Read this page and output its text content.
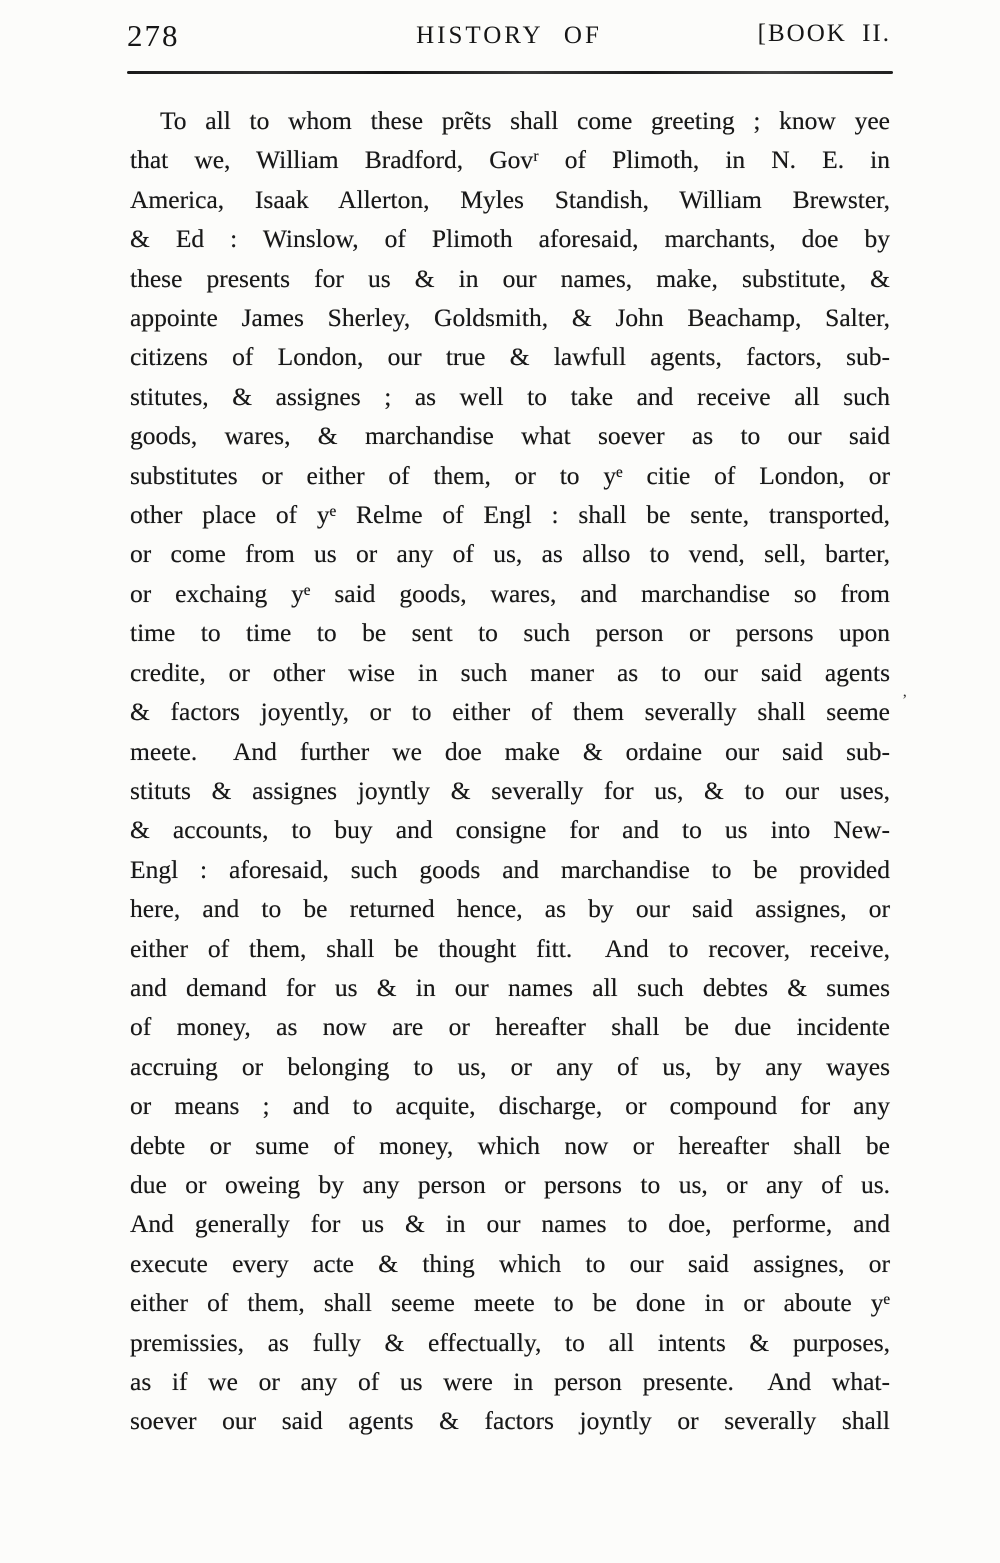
278	HISTORY OF	[BOOK II.
To all to whom these prẽts shall come greeting ; know yee
that we, William Bradford, Govʳ of Plimoth, in N. E. in
America, Isaak Allerton, Myles Standish, William Brewster,
& Ed : Winslow, of Plimoth aforesaid, marchants, doe by
these presents for us & in our names, make, substitute, &
appointe James Sherley, Goldsmith, & John Beachamp, Salter,
citizens of London, our true & lawfull agents, factors, sub-
stitutes, & assignes ; as well to take and receive all such
goods, wares, & marchandise what soever as to our said
substitutes or either of them, or to yᵉ citie of London, or
other place of yᵉ Relme of Engl : shall be sente, transported,
or come from us or any of us, as allso to vend, sell, barter,
or exchaing yᵉ said goods, wares, and marchandise so from
time to time to be sent to such person or persons upon
credite, or other wise in such maner as to our said agents
& factors joyently, or to either of them severally shall seeme
meete.  And further we doe make & ordaine our said sub-
stituts & assignes joyntly & severally for us, & to our uses,
& accounts, to buy and consigne for and to us into New-
Engl : aforesaid, such goods and marchandise to be provided
here, and to be returned hence, as by our said assignes, or
either of them, shall be thought fitt.  And to recover, receive,
and demand for us & in our names all such debtes & sumes
of money, as now are or hereafter shall be due incidente
accruing or belonging to us, or any of us, by any wayes
or means ; and to acquite, discharge, or compound for any
debte or sume of money, which now or hereafter shall be
due or oweing by any person or persons to us, or any of us.
And generally for us & in our names to doe, performe, and
execute every acte & thing which to our said assignes, or
either of them, shall seeme meete to be done in or aboute yᵉ
premissies, as fully & effectually, to all intents & purposes,
as if we or any of us were in person presente.  And what-
soever our said agents & factors joyntly or severally shall
’
